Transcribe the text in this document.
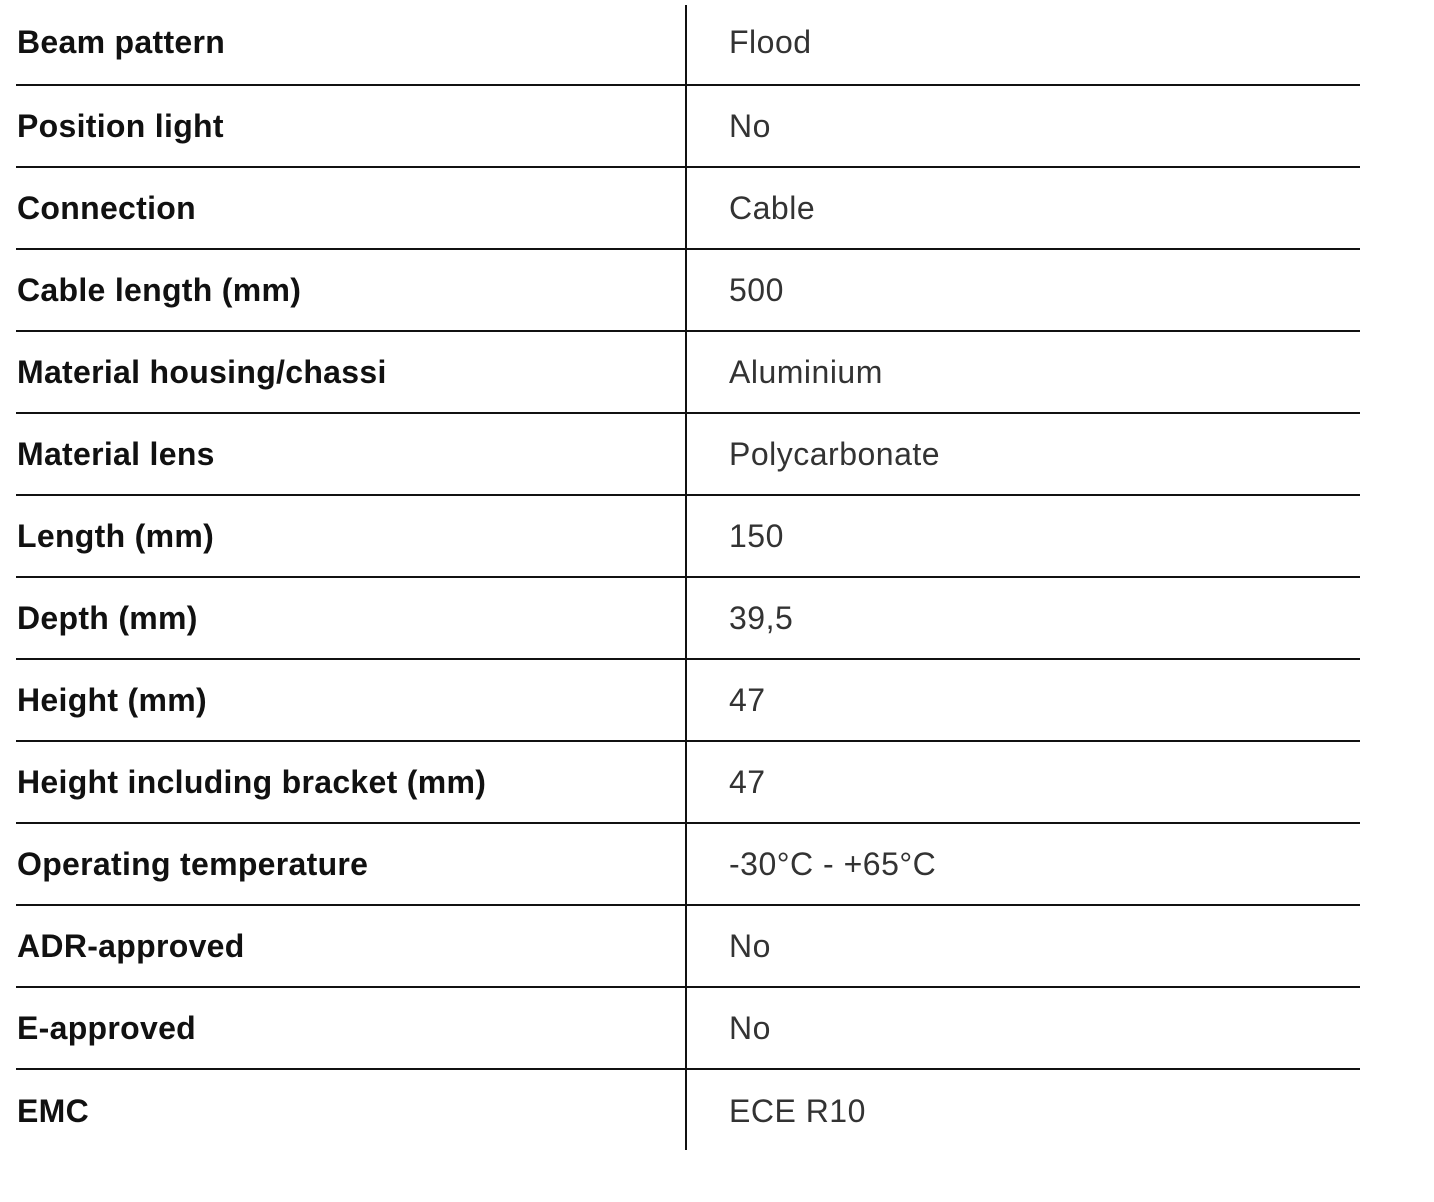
Beam pattern	Flood
Position light	No
Connection	Cable
Cable length (mm)	500
Material housing/chassi	Aluminium
Material lens	Polycarbonate
Length (mm)	150
Depth (mm)	39,5
Height (mm)	47
Height including bracket (mm)	47
Operating temperature	-30°C - +65°C
ADR-approved	No
E-approved	No
EMC	ECE R10
